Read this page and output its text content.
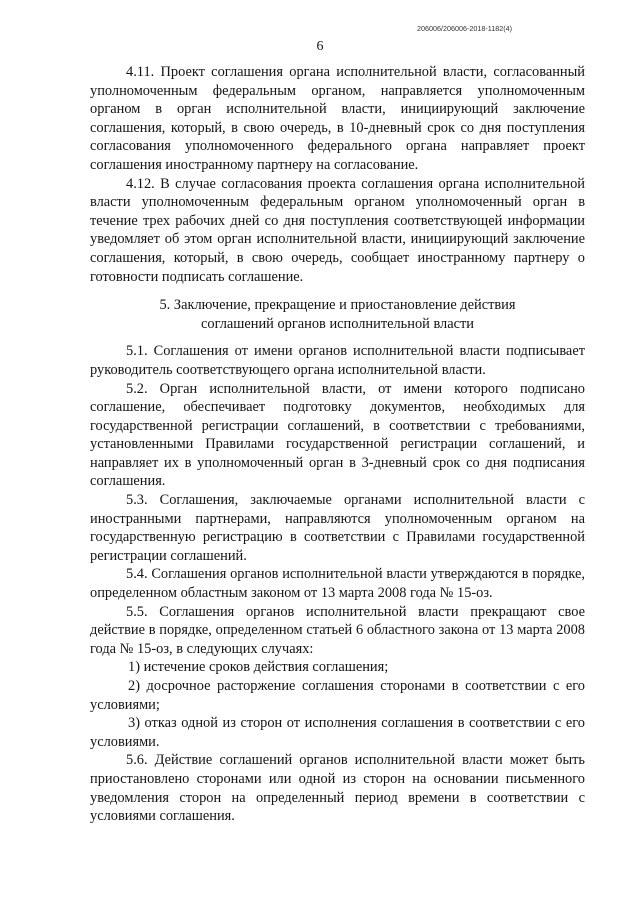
206006/206006-2018-1182(4)
6

4.11. Проект соглашения органа исполнительной власти, согласованный уполномоченным федеральным органом, направляется уполномоченным органом в орган исполнительной власти, инициирующий заключение соглашения, который, в свою очередь, в 10-дневный срок со дня поступления согласования уполномоченного федерального органа направляет проект соглашения иностранному партнеру на согласование.

4.12. В случае согласования проекта соглашения органа исполнительной власти уполномоченным федеральным органом уполномоченный орган в течение трех рабочих дней со дня поступления соответствующей информации уведомляет об этом орган исполнительной власти, инициирующий заключение соглашения, который, в свою очередь, сообщает иностранному партнеру о готовности подписать соглашение.

5. Заключение, прекращение и приостановление действия
соглашений органов исполнительной власти

5.1. Соглашения от имени органов исполнительной власти подписывает руководитель соответствующего органа исполнительной власти.

5.2. Орган исполнительной власти, от имени которого подписано соглашение, обеспечивает подготовку документов, необходимых для государственной регистрации соглашений, в соответствии с требованиями, установленными Правилами государственной регистрации соглашений, и направляет их в уполномоченный орган в 3-дневный срок со дня подписания соглашения.

5.3. Соглашения, заключаемые органами исполнительной власти с иностранными партнерами, направляются уполномоченным органом на государственную регистрацию в соответствии с Правилами государственной регистрации соглашений.

5.4. Соглашения органов исполнительной власти утверждаются в порядке, определенном областным законом от 13 марта 2008 года № 15-оз.

5.5. Соглашения органов исполнительной власти прекращают свое действие в порядке, определенном статьей 6 областного закона от 13 марта 2008 года № 15-оз, в следующих случаях:

1) истечение сроков действия соглашения;

2) досрочное расторжение соглашения сторонами в соответствии с его условиями;

3) отказ одной из сторон от исполнения соглашения в соответствии с его условиями.

5.6. Действие соглашений органов исполнительной власти может быть приостановлено сторонами или одной из сторон на основании письменного уведомления сторон на определенный период времени в соответствии с условиями соглашения.
